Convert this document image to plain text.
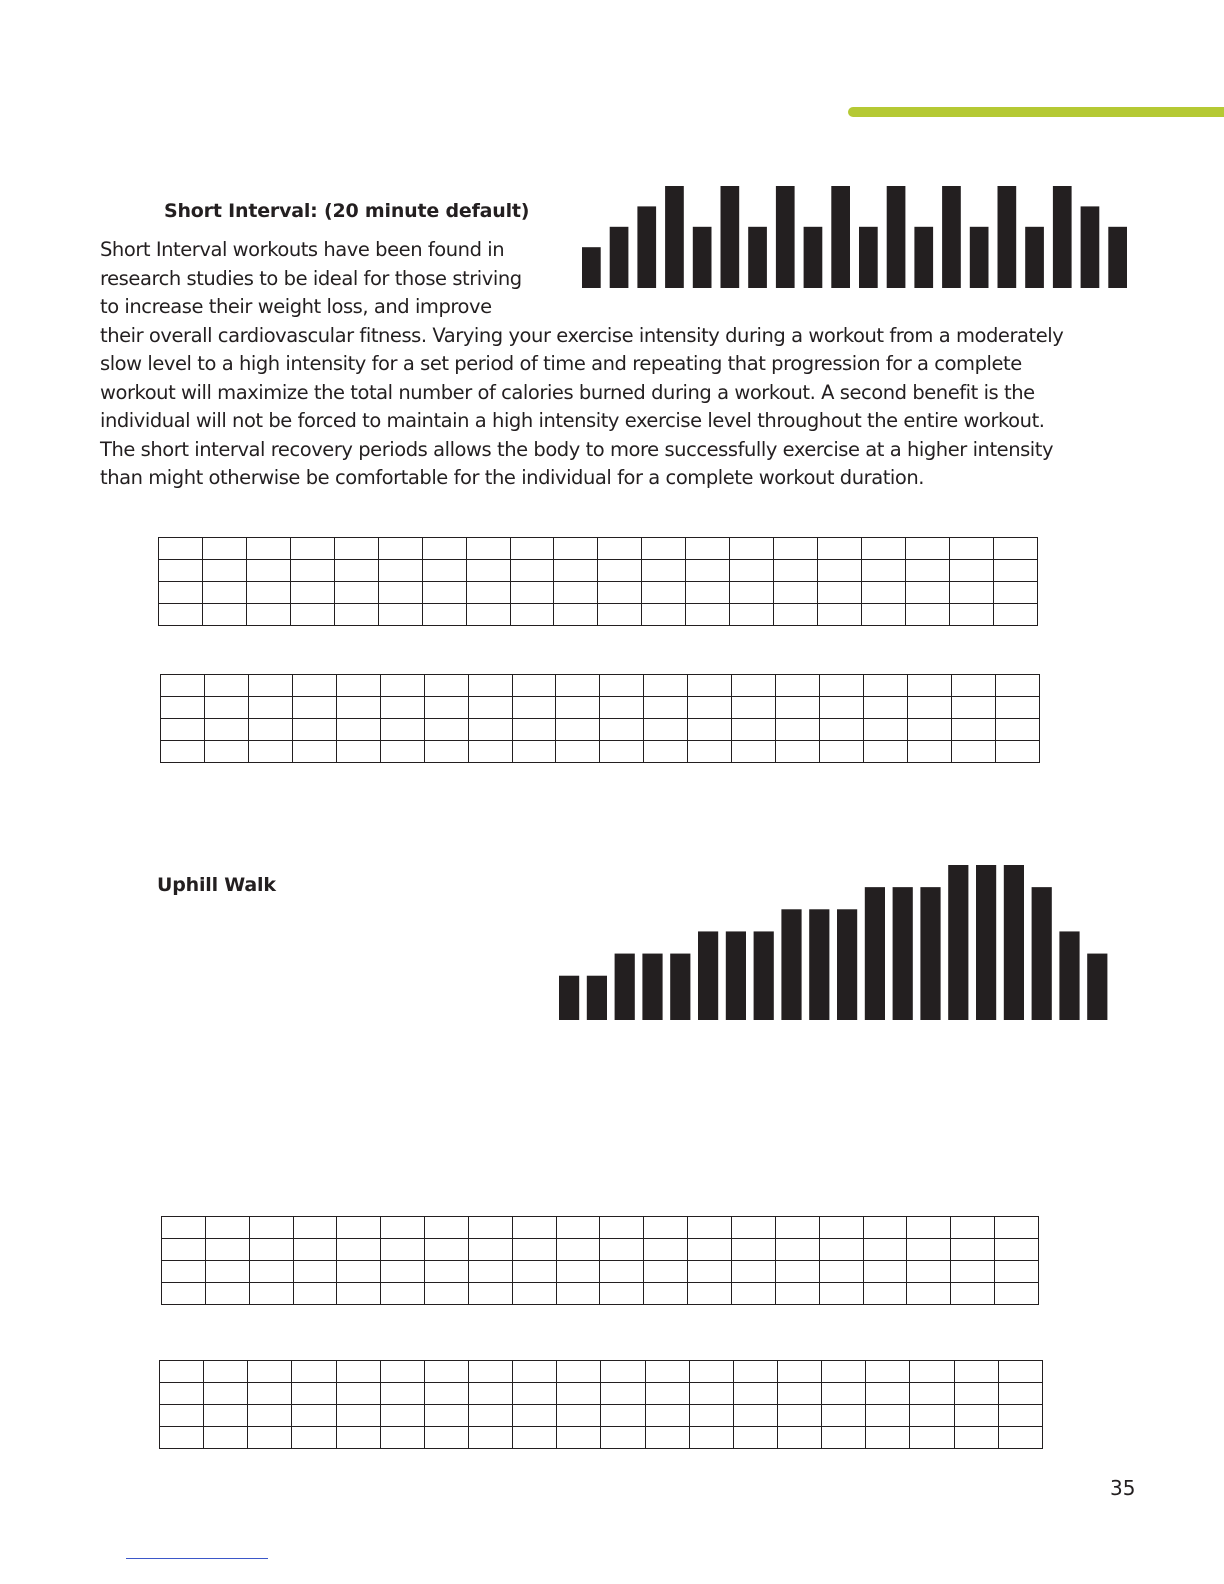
Short Interval: (20 minute default)
Short Interval workouts have been found in
research studies to be ideal for those striving
to increase their weight loss, and improve
their overall cardiovascular fitness. Varying your exercise intensity during a workout from a moderately
slow level to a high intensity for a set period of time and repeating that progression for a complete
workout will maximize the total number of calories burned during a workout. A second benefit is the
individual will not be forced to maintain a high intensity exercise level throughout the entire workout.
The short interval recovery periods allows the body to more successfully exercise at a higher intensity
than might otherwise be comfortable for the individual for a complete workout duration.

Uphill Walk

35
